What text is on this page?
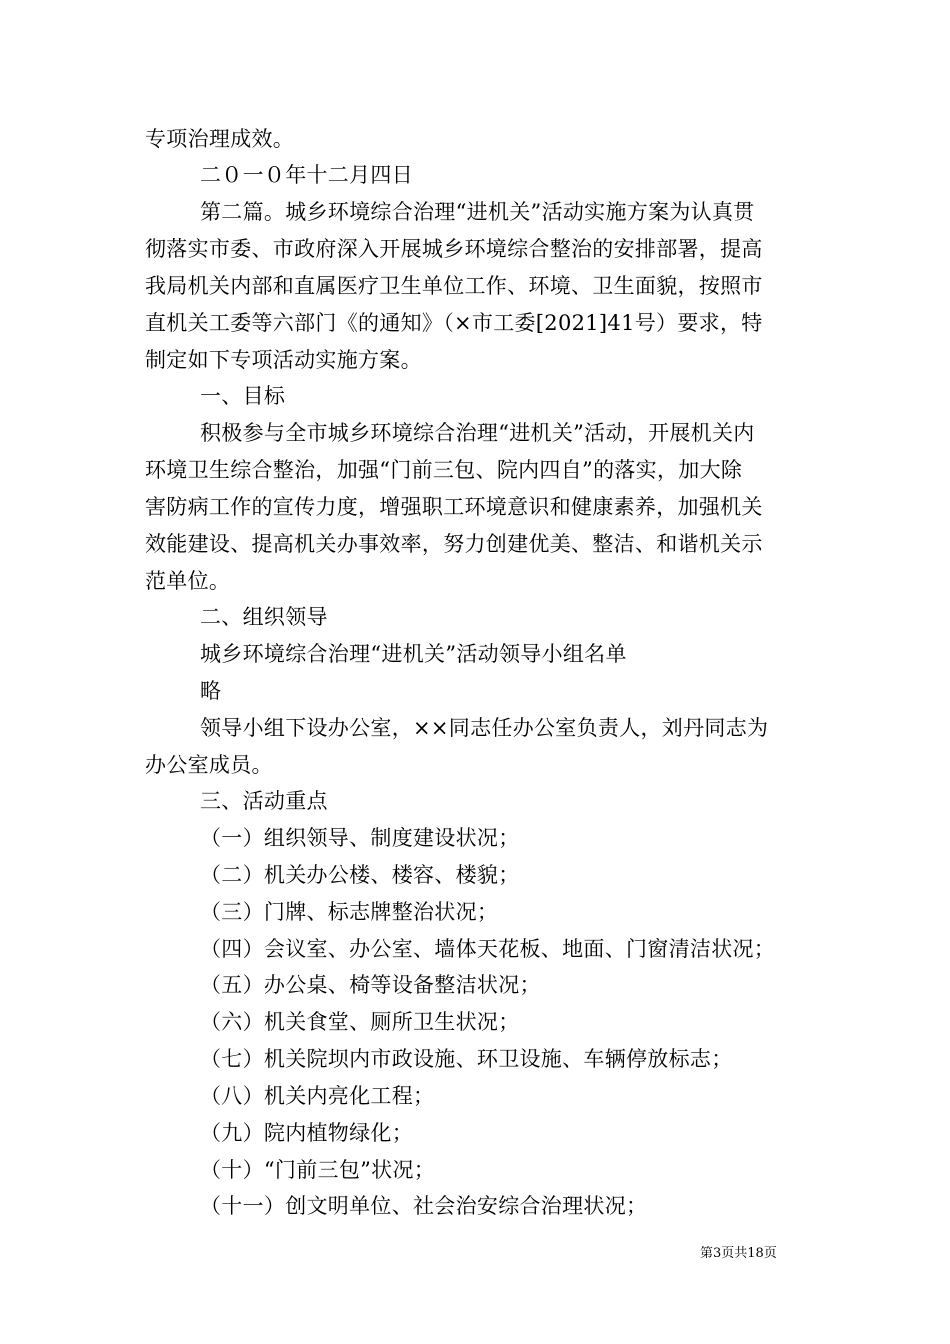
专项治理成效。
二０一０年十二月四日
第二篇。城乡环境综合治理“进机关”活动实施方案为认真贯
彻落实市委、市政府深入开展城乡环境综合整治的安排部署，提高
我局机关内部和直属医疗卫生单位工作、环境、卫生面貌，按照市
直机关工委等六部门《的通知》（×市工委[2021]41号）要求，特
制定如下专项活动实施方案。
一、目标
积极参与全市城乡环境综合治理“进机关”活动，开展机关内
环境卫生综合整治，加强“门前三包、院内四自”的落实，加大除
害防病工作的宣传力度，增强职工环境意识和健康素养，加强机关
效能建设、提高机关办事效率，努力创建优美、整洁、和谐机关示
范单位。
二、组织领导
城乡环境综合治理“进机关”活动领导小组名单
略
领导小组下设办公室，××同志任办公室负责人，刘丹同志为
办公室成员。
三、活动重点
（一）组织领导、制度建设状况；
（二）机关办公楼、楼容、楼貌；
（三）门牌、标志牌整治状况；
（四）会议室、办公室、墙体天花板、地面、门窗清洁状况；
（五）办公桌、椅等设备整洁状况；
（六）机关食堂、厕所卫生状况；
（七）机关院坝内市政设施、环卫设施、车辆停放标志；
（八）机关内亮化工程；
（九）院内植物绿化；
（十）“门前三包”状况；
（十一）创文明单位、社会治安综合治理状况；
第3页共18页
